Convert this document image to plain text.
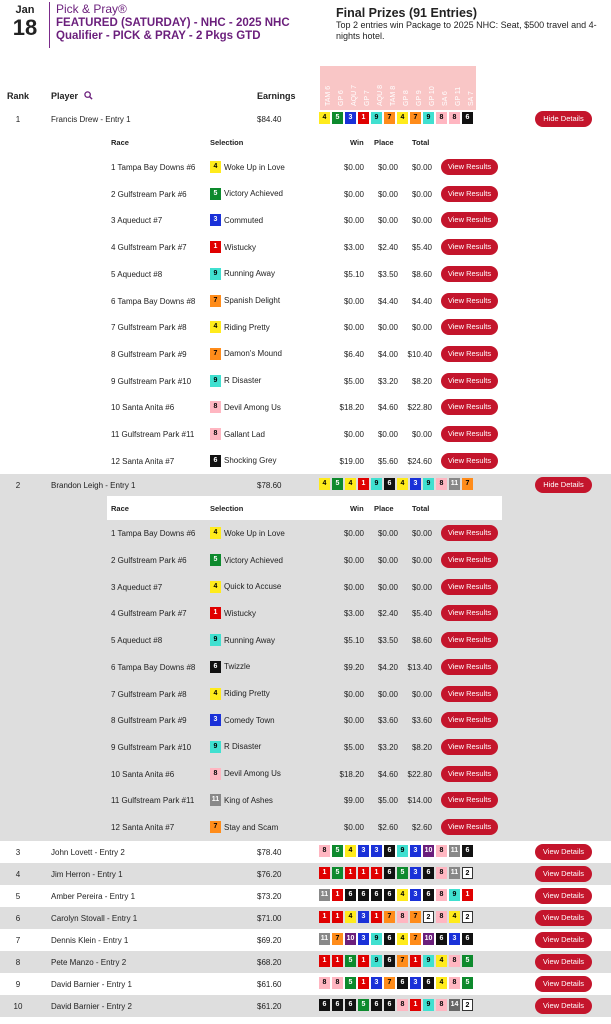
Jan
18
Pick & Pray®
FEATURED (SATURDAY) - NHC - 2025 NHC Qualifier - PICK & PRAY - 2 Pkgs GTD
Final Prizes (91 Entries)
Top 2 entries win Package to 2025 NHC: Seat, $500 travel and 4-nights hotel.
Rank Player	Earnings	TAM 6 GP 6 AQU 7 GP 7 AQU 8 TAM 8 GP 8 GP 9 GP 10 SA 6 GP 11 SA 7
1	Francis Drew - Entry 1	$84.40	4	5	3	1	9	7	4	7	9	8	8	6	Hide Details
Race	Selection	Win Place Total
1 Tampa Bay Downs #6	4 Woke Up in Love	$0.00	$0.00	$0.00	View Results
2 Gulfstream Park #6	5 Victory Achieved	$0.00	$0.00	$0.00	View Results
3 Aqueduct #7	3 Commuted	$0.00	$0.00	$0.00	View Results
4 Gulfstream Park #7	1 Wistucky	$3.00	$2.40	$5.40	View Results
5 Aqueduct #8	9 Running Away	$5.10	$3.50	$8.60	View Results
6 Tampa Bay Downs #8	7 Spanish Delight	$0.00	$4.40	$4.40	View Results
7 Gulfstream Park #8	4 Riding Pretty	$0.00	$0.00	$0.00	View Results
8 Gulfstream Park #9	7 Damon's Mound	$6.40	$4.00	$10.40	View Results
9 Gulfstream Park #10	9 R Disaster	$5.00	$3.20	$8.20	View Results
10 Santa Anita #6	8 Devil Among Us	$18.20	$4.60	$22.80	View Results
11 Gulfstream Park #11	8 Gallant Lad	$0.00	$0.00	$0.00	View Results
12 Santa Anita #7	6 Shocking Grey	$19.00	$5.60	$24.60	View Results
2	Brandon Leigh - Entry 1	$78.60	4	5	4	1	9	6	4	3	9	8	11	7	Hide Details
Race	Selection	Win Place Total
1 Tampa Bay Downs #6	4 Woke Up in Love	$0.00	$0.00	$0.00	View Results
2 Gulfstream Park #6	5 Victory Achieved	$0.00	$0.00	$0.00	View Results
3 Aqueduct #7	4 Quick to Accuse	$0.00	$0.00	$0.00	View Results
4 Gulfstream Park #7	1 Wistucky	$3.00	$2.40	$5.40	View Results
5 Aqueduct #8	9 Running Away	$5.10	$3.50	$8.60	View Results
6 Tampa Bay Downs #8	6 Twizzle	$9.20	$4.20	$13.40	View Results
7 Gulfstream Park #8	4 Riding Pretty	$0.00	$0.00	$0.00	View Results
8 Gulfstream Park #9	3 Comedy Town	$0.00	$3.60	$3.60	View Results
9 Gulfstream Park #10	9 R Disaster	$5.00	$3.20	$8.20	View Results
10 Santa Anita #6	8 Devil Among Us	$18.20	$4.60	$22.80	View Results
11 Gulfstream Park #11	11 King of Ashes	$9.00	$5.00	$14.00	View Results
12 Santa Anita #7	7 Stay and Scam	$0.00	$2.60	$2.60	View Results
3	John Lovett - Entry 2	$78.40	8	5	4	3	3	6	9	3	10	8	11	6	View Details
4	Jim Herron - Entry 1	$76.20	1	5	1	1	1	6	5	3	6	8	11	2	View Details
5	Amber Pereira - Entry 1	$73.20	11	1	6	6	6	6	4	3	6	8	9	1	View Details
6	Carolyn Stovall - Entry 1	$71.00	1	1	4	3	1	7	8	7	2	8	4	2	View Details
7	Dennis Klein - Entry 1	$69.20	11	7	10	3	9	6	4	7	10	6	3	6	View Details
8	Pete Manzo - Entry 2	$68.20	1	1	5	1	9	6	7	1	9	4	8	5	View Details
9	David Barnier - Entry 1	$61.60	8	8	5	1	3	7	6	3	6	4	8	5	View Details
10	David Barnier - Entry 2	$61.20	6	6	6	5	6	6	8	1	9	8	14	2	View Details
